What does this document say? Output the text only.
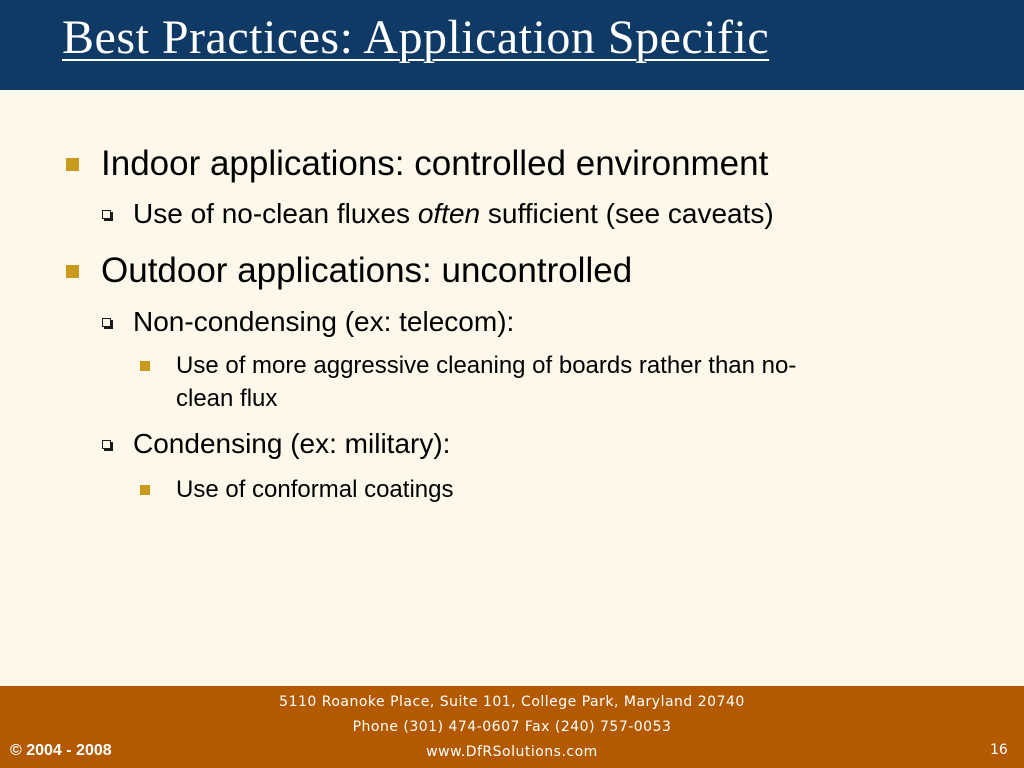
Best Practices: Application Specific
Indoor applications: controlled environment
Use of no-clean fluxes often sufficient (see caveats)
Outdoor applications: uncontrolled
Non-condensing (ex: telecom):
Use of more aggressive cleaning of boards rather than no-
clean flux
Condensing (ex: military):
Use of conformal coatings
5110 Roanoke Place, Suite 101, College Park, Maryland 20740
Phone (301) 474-0607 Fax (240) 757-0053
www.DfRSolutions.com
© 2004 - 2008	16
